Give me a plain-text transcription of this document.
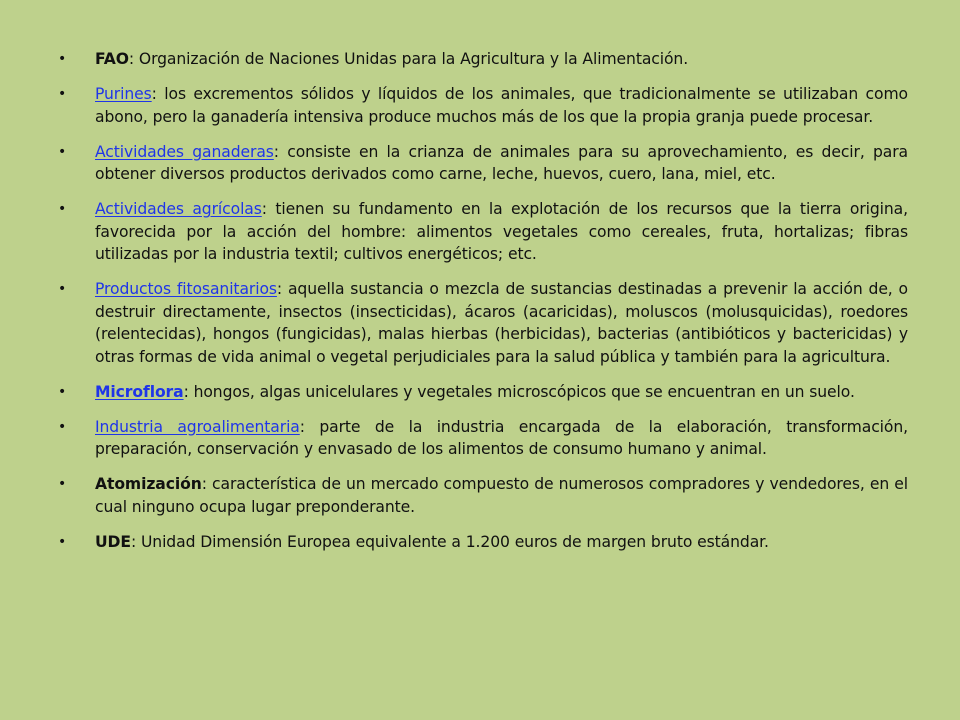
•	FAO: Organización de Naciones Unidas para la Agricultura y la Alimentación.
•	Purines: los excrementos sólidos y líquidos de los animales, que tradicionalmente se utilizaban como abono, pero la ganadería intensiva produce muchos más de los que la propia granja puede procesar.
•	Actividades ganaderas: consiste en la crianza de animales para su aprovechamiento, es decir, para obtener diversos productos derivados como carne, leche, huevos, cuero, lana, miel, etc.
•	Actividades agrícolas: tienen su fundamento en la explotación de los recursos que la tierra origina, favorecida por la acción del hombre: alimentos vegetales como cereales, fruta, hortalizas; fibras utilizadas por la industria textil; cultivos energéticos; etc.
•	Productos fitosanitarios: aquella sustancia o mezcla de sustancias destinadas a prevenir la acción de, o destruir directamente, insectos (insecticidas), ácaros (acaricidas), moluscos (molusquicidas), roedores (relentecidas), hongos (fungicidas), malas hierbas (herbicidas), bacterias (antibióticos y bactericidas) y otras formas de vida animal o vegetal perjudiciales para la salud pública y también para la agricultura.
•	Microflora: hongos, algas unicelulares y vegetales microscópicos que se encuentran en un suelo.
•	Industria agroalimentaria: parte de la industria encargada de la elaboración, transformación, preparación, conservación y envasado de los alimentos de consumo humano y animal.
•	Atomización: característica de un mercado compuesto de numerosos compradores y vendedores, en el cual ninguno ocupa lugar preponderante.
•	UDE: Unidad Dimensión Europea equivalente a 1.200 euros de margen bruto estándar.
